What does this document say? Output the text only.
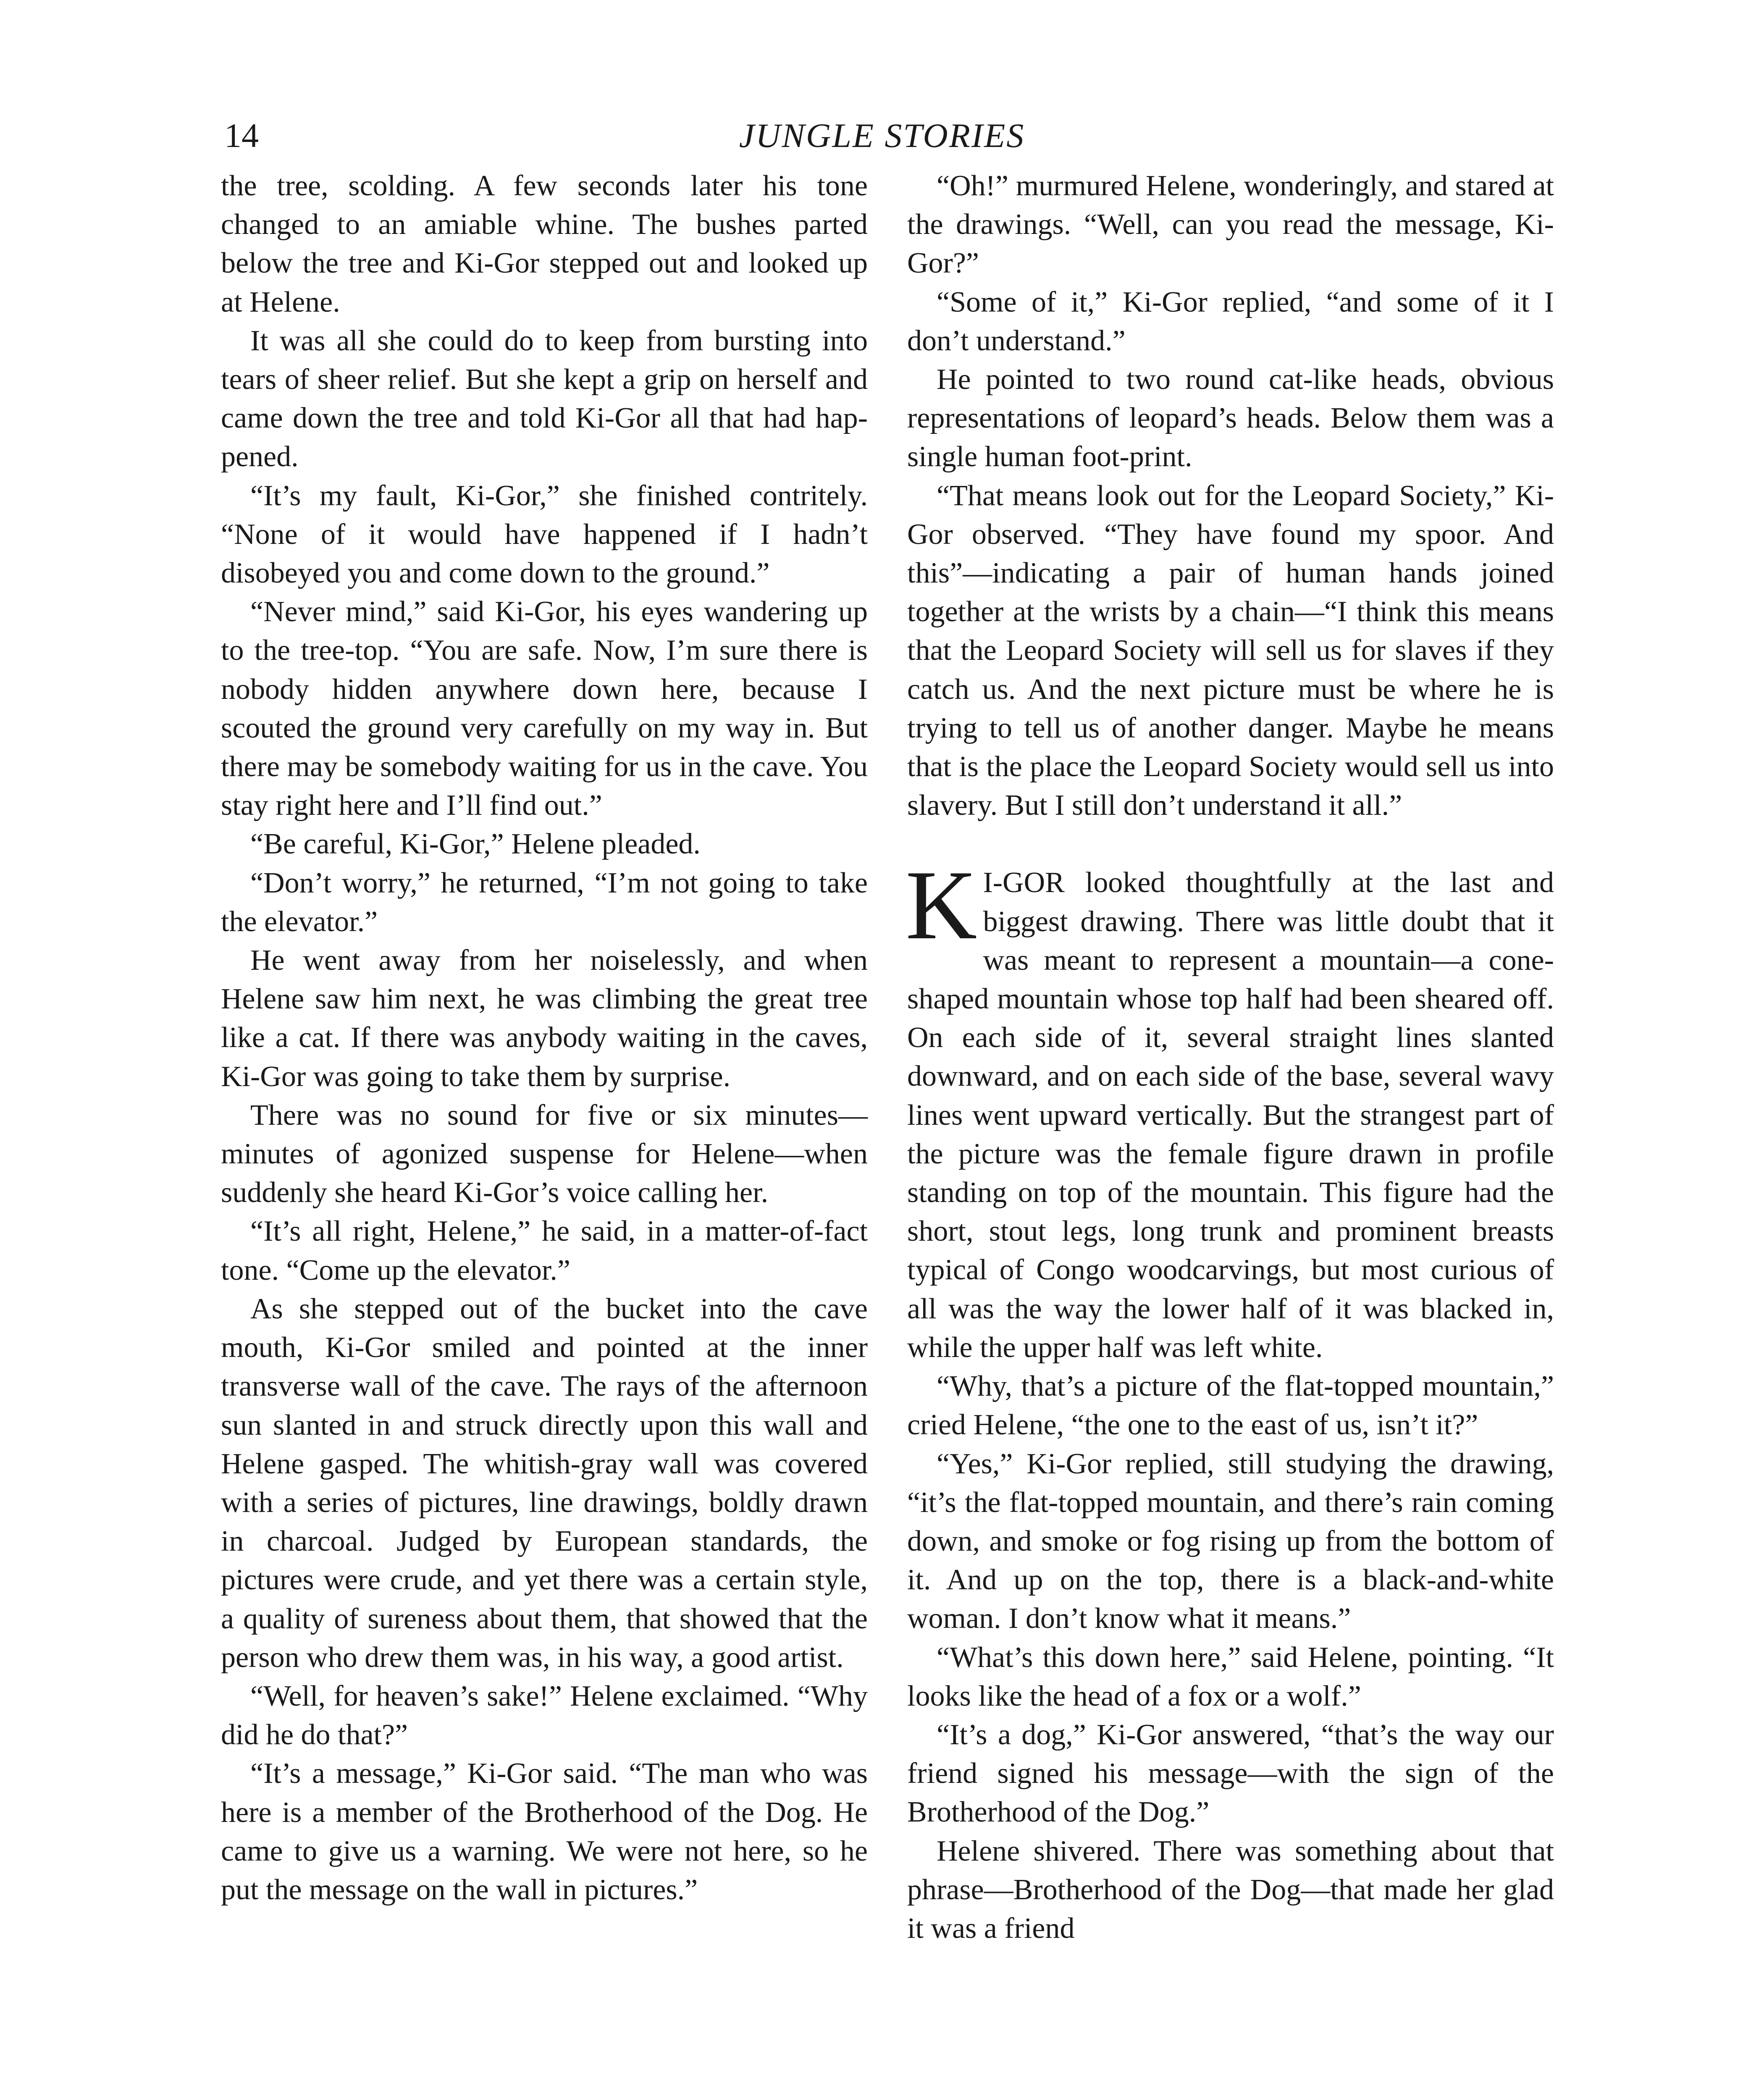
14	JUNGLE STORIES

the tree, scolding. A few seconds later his tone changed to an amiable whine. The bushes parted below the tree and Ki-Gor stepped out and looked up at Helene.

It was all she could do to keep from bursting into tears of sheer relief. But she kept a grip on herself and came down the tree and told Ki-Gor all that had happened.

“It’s my fault, Ki-Gor,” she finished contritely. “None of it would have happened if I hadn’t disobeyed you and come down to the ground.”

“Never mind,” said Ki-Gor, his eyes wandering up to the tree-top. “You are safe. Now, I’m sure there is nobody hidden anywhere down here, because I scouted the ground very carefully on my way in. But there may be somebody waiting for us in the cave. You stay right here and I’ll find out.”

“Be careful, Ki-Gor,” Helene pleaded.

“Don’t worry,” he returned, “I’m not going to take the elevator.”

He went away from her noiselessly, and when Helene saw him next, he was climbing the great tree like a cat. If there was anybody waiting in the caves, Ki-Gor was going to take them by surprise.

There was no sound for five or six minutes—minutes of agonized suspense for Helene—when suddenly she heard Ki-Gor’s voice calling her.

“It’s all right, Helene,” he said, in a matter-of-fact tone. “Come up the elevator.”

As she stepped out of the bucket into the cave mouth, Ki-Gor smiled and pointed at the inner transverse wall of the cave. The rays of the afternoon sun slanted in and struck directly upon this wall and Helene gasped. The whitish-gray wall was covered with a series of pictures, line drawings, boldly drawn in charcoal. Judged by European standards, the pictures were crude, and yet there was a certain style, a quality of sureness about them, that showed that the person who drew them was, in his way, a good artist.

“Well, for heaven’s sake!” Helene exclaimed. “Why did he do that?”

“It’s a message,” Ki-Gor said. “The man who was here is a member of the Brotherhood of the Dog. He came to give us a warning. We were not here, so he put the message on the wall in pictures.”

“Oh!” murmured Helene, wonderingly, and stared at the drawings. “Well, can you read the message, Ki-Gor?”

“Some of it,” Ki-Gor replied, “and some of it I don’t understand.”

He pointed to two round cat-like heads, obvious representations of leopard’s heads. Below them was a single human foot-print.

“That means look out for the Leopard Society,” Ki-Gor observed. “They have found my spoor. And this”—indicating a pair of human hands joined together at the wrists by a chain—“I think this means that the Leopard Society will sell us for slaves if they catch us. And the next picture must be where he is trying to tell us of another danger. Maybe he means that is the place the Leopard Society would sell us into slavery. But I still don’t understand it all.”

K I-GOR looked thoughtfully at the last and biggest drawing. There was little doubt that it was meant to represent a mountain—a cone-shaped mountain whose top half had been sheared off. On each side of it, several straight lines slanted downward, and on each side of the base, several wavy lines went upward vertically. But the strangest part of the picture was the female figure drawn in profile standing on top of the mountain. This figure had the short, stout legs, long trunk and prominent breasts typical of Congo woodcarvings, but most curious of all was the way the lower half of it was blacked in, while the upper half was left white.

“Why, that’s a picture of the flat-topped mountain,” cried Helene, “the one to the east of us, isn’t it?”

“Yes,” Ki-Gor replied, still studying the drawing, “it’s the flat-topped mountain, and there’s rain coming down, and smoke or fog rising up from the bottom of it. And up on the top, there is a black-and-white woman. I don’t know what it means.”

“What’s this down here,” said Helene, pointing. “It looks like the head of a fox or a wolf.”

“It’s a dog,” Ki-Gor answered, “that’s the way our friend signed his message—with the sign of the Brotherhood of the Dog.”

Helene shivered. There was something about that phrase—Brotherhood of the Dog—that made her glad it was a friend
